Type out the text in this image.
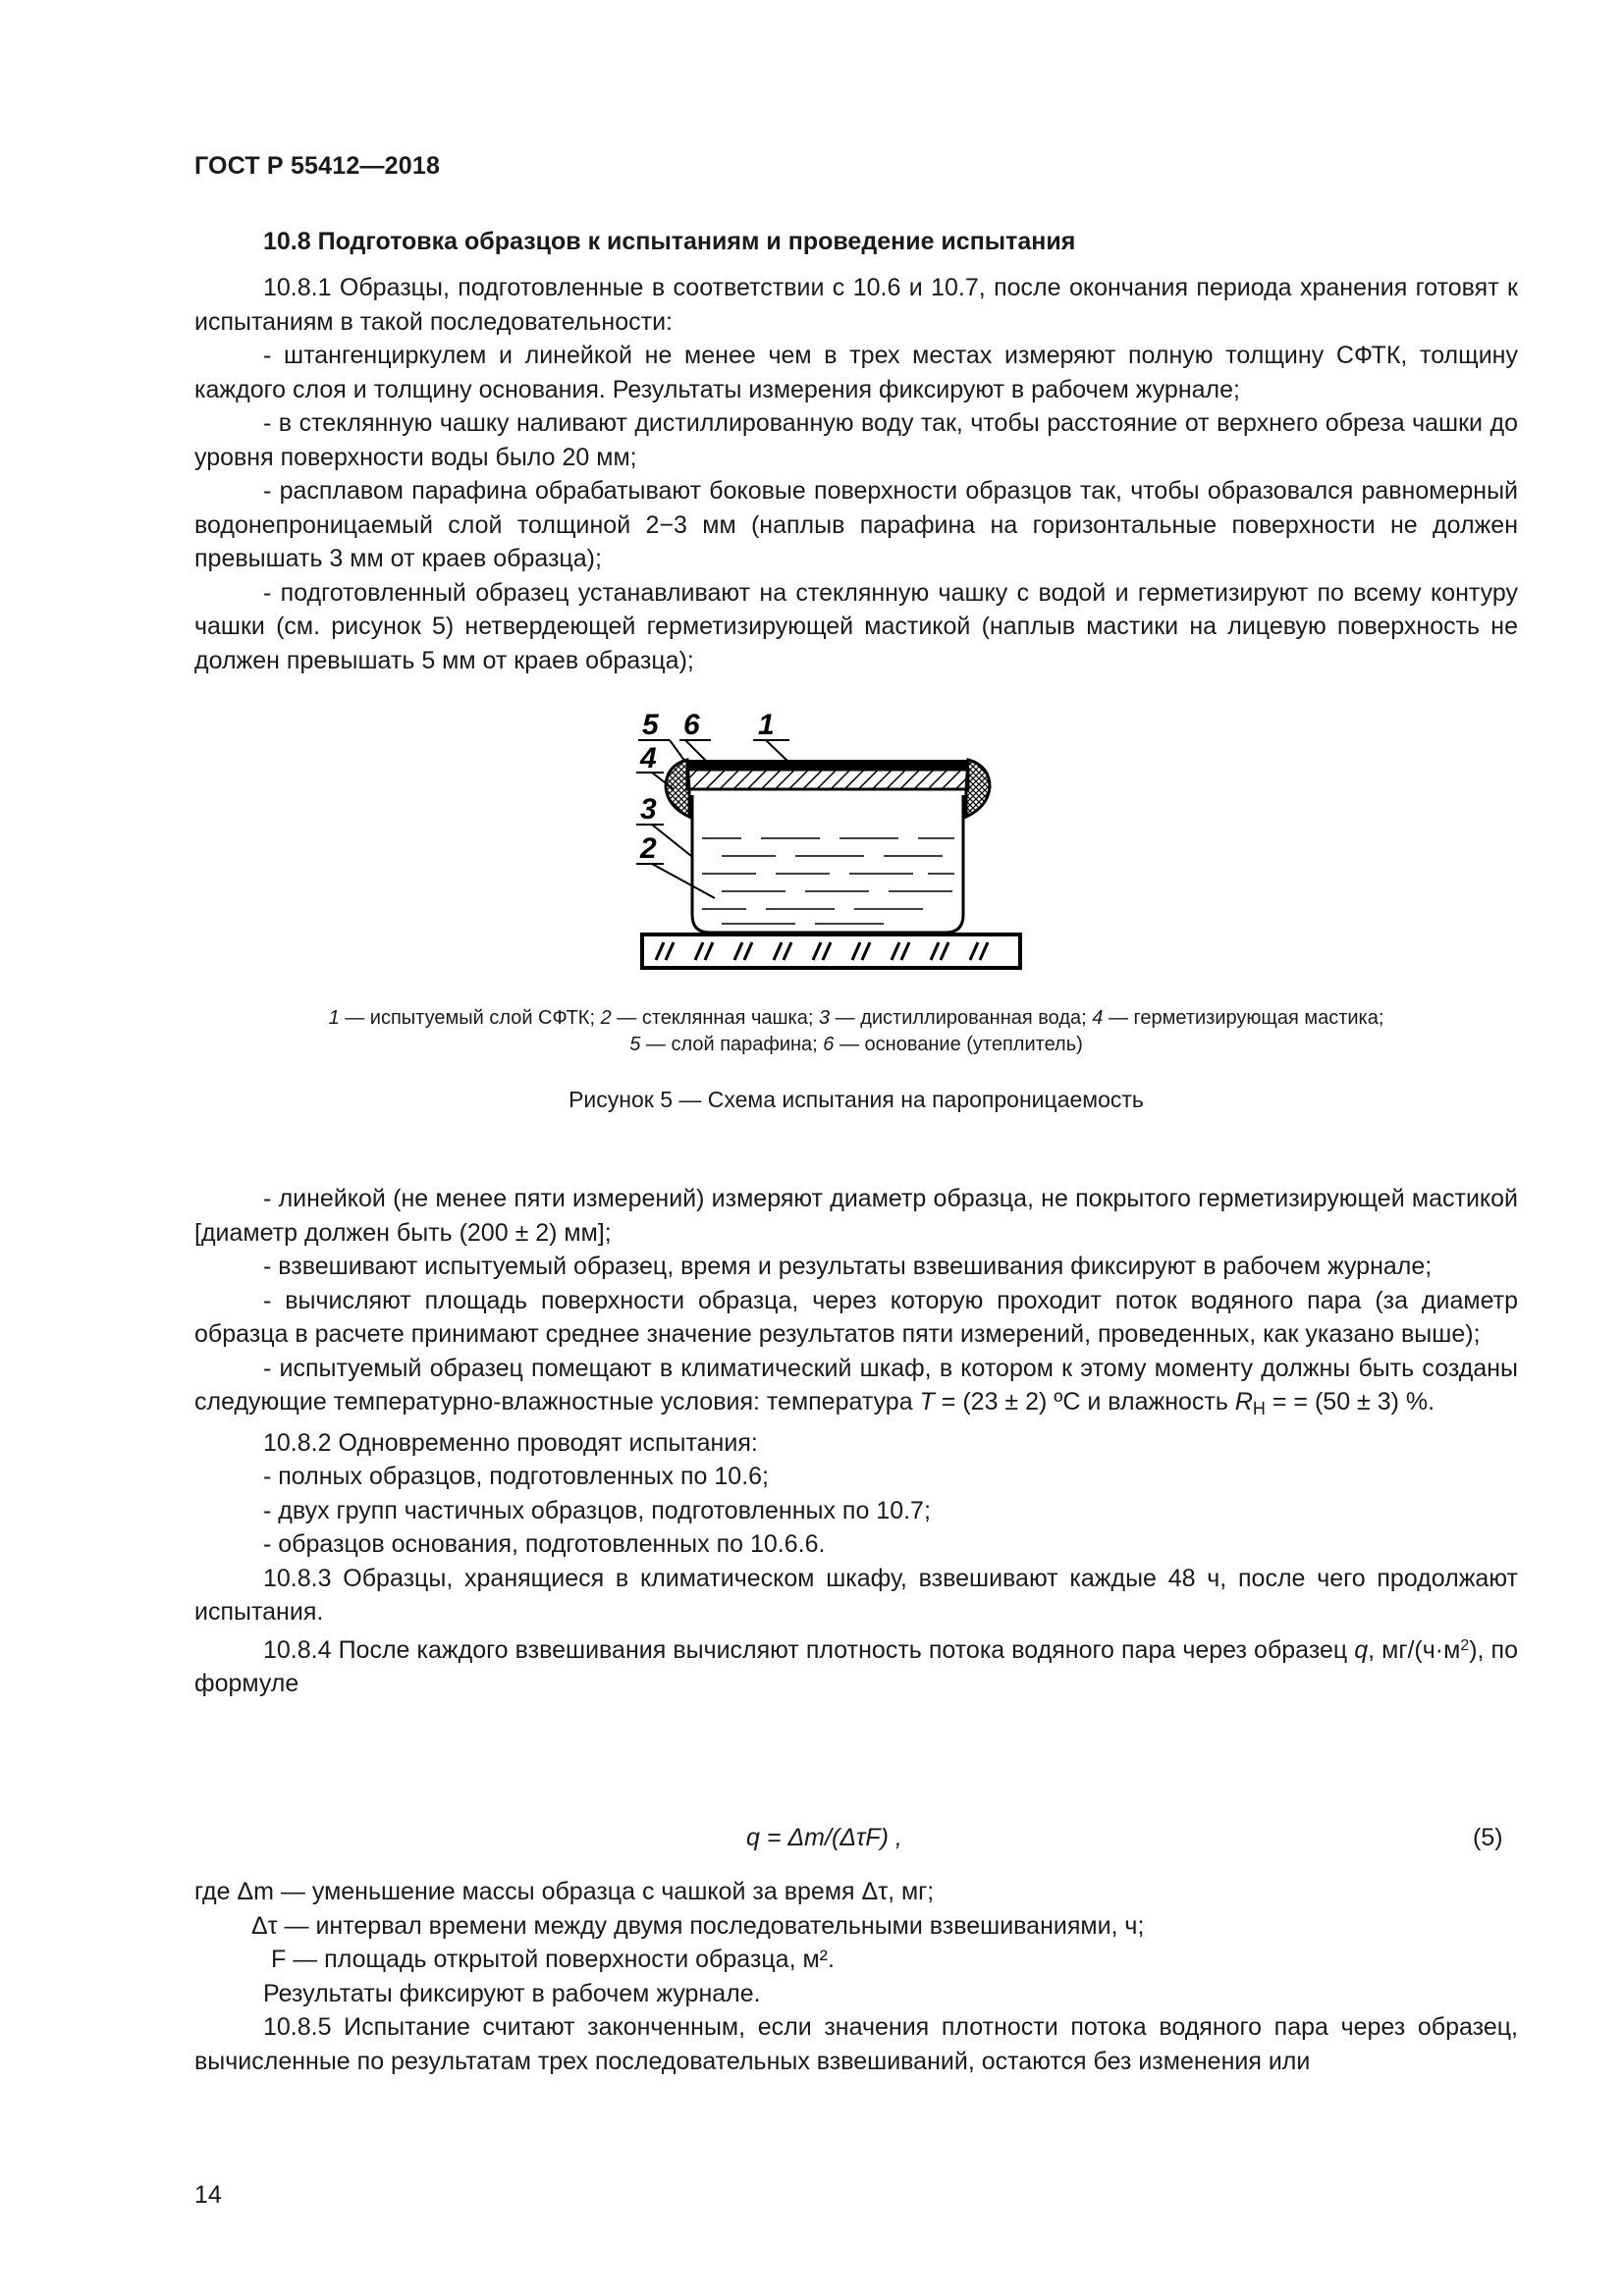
ГОСТ Р 55412—2018
10.8 Подготовка образцов к испытаниям и проведение испытания

10.8.1 Образцы, подготовленные в соответствии с 10.6 и 10.7, после окончания периода хранения готовят к испытаниям в такой последовательности:

- штангенциркулем и линейкой не менее чем в трех местах измеряют полную толщину СФТК, толщину каждого слоя и толщину основания. Результаты измерения фиксируют в рабочем журнале;

- в стеклянную чашку наливают дистиллированную воду так, чтобы расстояние от верхнего обреза чашки до уровня поверхности воды было 20 мм;

- расплавом парафина обрабатывают боковые поверхности образцов так, чтобы образовался равномерный водонепроницаемый слой толщиной 2−3 мм (наплыв парафина на горизонтальные поверхности не должен превышать 3 мм от краев образца);

- подготовленный образец устанавливают на стеклянную чашку с водой и герметизируют по всему контуру чашки (см. рисунок 5) нетвердеющей герметизирующей мастикой (наплыв мастики на лицевую поверхность не должен превышать 5 мм от краев образца);

5 6 1
4
3
2
1 — испытуемый слой СФТК; 2 — стеклянная чашка; 3 — дистиллированная вода; 4 — герметизирующая мастика;
5 — слой парафина; 6 — основание (утеплитель)
Рисунок 5 — Схема испытания на паропроницаемость

- линейкой (не менее пяти измерений) измеряют диаметр образца, не покрытого герметизирующей мастикой [диаметр должен быть (200 ± 2) мм];

- взвешивают испытуемый образец, время и результаты взвешивания фиксируют в рабочем журнале;

- вычисляют площадь поверхности образца, через которую проходит поток водяного пара (за диаметр образца в расчете принимают среднее значение результатов пяти измерений, проведенных, как указано выше);

- испытуемый образец помещают в климатический шкаф, в котором к этому моменту должны быть созданы следующие температурно-влажностные условия: температура T = (23 ± 2) ºС и влажность $R_H$ = = (50 ± 3) %.

10.8.2 Одновременно проводят испытания:

- полных образцов, подготовленных по 10.6;

- двух групп частичных образцов, подготовленных по 10.7;

- образцов основания, подготовленных по 10.6.6.

10.8.3 Образцы, хранящиеся в климатическом шкафу, взвешивают каждые 48 ч, после чего продолжают испытания.

10.8.4 После каждого взвешивания вычисляют плотность потока водяного пара через образец q, $мг/(ч\cdot м^2)$, по формуле

q = Δm/(ΔτF) ,	(5)

где Δm — уменьшение массы образца с чашкой за время Δτ, мг;

Δτ — интервал времени между двумя последовательными взвешиваниями, ч;

F — площадь открытой поверхности образца, м².

Результаты фиксируют в рабочем журнале.

10.8.5 Испытание считают законченным, если значения плотности потока водяного пара через образец, вычисленные по результатам трех последовательных взвешиваний, остаются без изменения или

14
